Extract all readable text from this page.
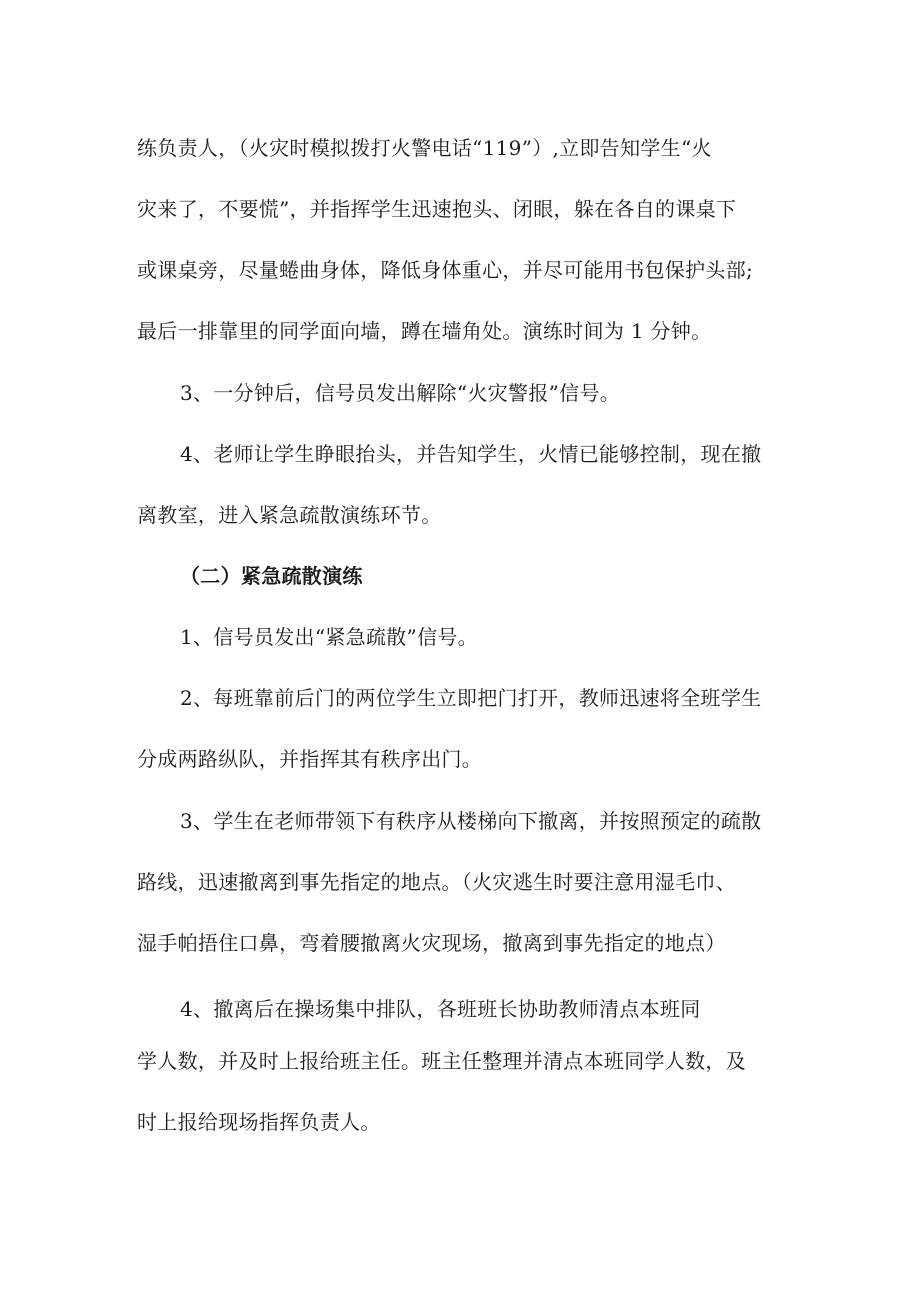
练负责人，（火灾时模拟拨打火警电话“119”）,立即告知学生“火
灾来了，不要慌”，并指挥学生迅速抱头、闭眼，躲在各自的课桌下
或课桌旁，尽量蜷曲身体，降低身体重心，并尽可能用书包保护头部;
最后一排靠里的同学面向墙，蹲在墙角处。演练时间为 1 分钟。
3、一分钟后，信号员发出解除“火灾警报”信号。
4、老师让学生睁眼抬头，并告知学生，火情已能够控制，现在撤
离教室，进入紧急疏散演练环节。
（二）紧急疏散演练
1、信号员发出“紧急疏散”信号。
2、每班靠前后门的两位学生立即把门打开，教师迅速将全班学生
分成两路纵队，并指挥其有秩序出门。
3、学生在老师带领下有秩序从楼梯向下撤离，并按照预定的疏散
路线，迅速撤离到事先指定的地点。（火灾逃生时要注意用湿毛巾、
湿手帕捂住口鼻，弯着腰撤离火灾现场，撤离到事先指定的地点）
4、撤离后在操场集中排队，各班班长协助教师清点本班同
学人数，并及时上报给班主任。班主任整理并清点本班同学人数，及
时上报给现场指挥负责人。
